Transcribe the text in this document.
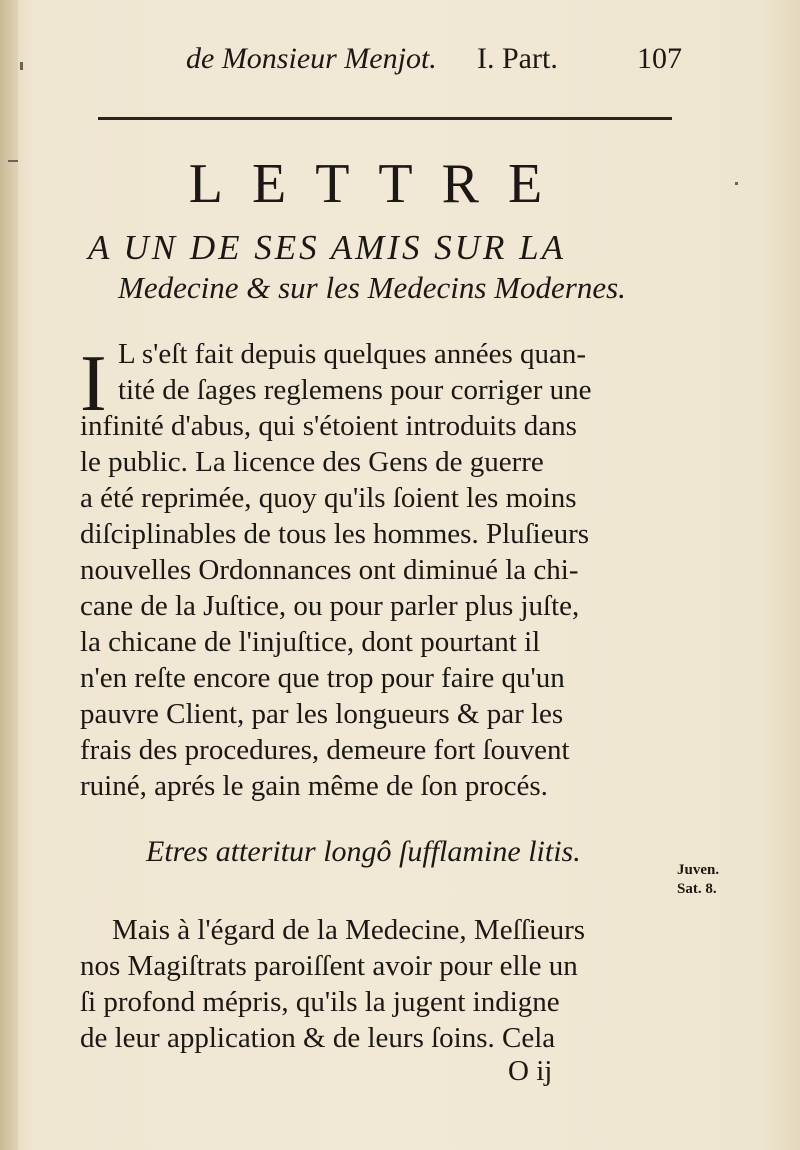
de Monsieur Menjot. I. Part.	107
LETTRE
A UN DE SES AMIS SUR LA
Medecine & sur les Medecins Modernes.
I L s'eſt fait depuis quelques années quan-
tité de ſages reglemens pour corriger une
infinité d'abus, qui s'étoient introduits dans
le public. La licence des Gens de guerre
a été reprimée, quoy qu'ils ſoient les moins
diſciplinables de tous les hommes. Pluſieurs
nouvelles Ordonnances ont diminué la chi-
cane de la Juſtice, ou pour parler plus juſte,
la chicane de l'injuſtice, dont pourtant il
n'en reſte encore que trop pour faire qu'un
pauvre Client, par les longueurs & par les
frais des procedures, demeure fort ſouvent
ruiné, aprés le gain même de ſon procés.
Etres atteritur longô ſufflamine litis.
Juven.
Sat. 8.
Mais à l'égard de la Medecine, Meſſieurs
nos Magiſtrats paroiſſent avoir pour elle un
ſi profond mépris, qu'ils la jugent indigne
de leur application & de leurs ſoins. Cela
O ij
